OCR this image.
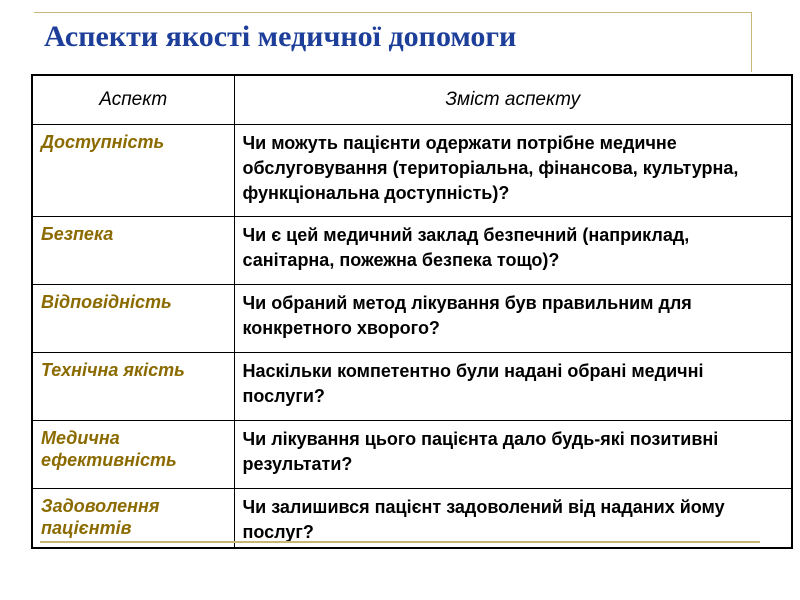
Аспекти якості медичної допомоги
Аспект	Зміст аспекту
Доступність	Чи можуть пацієнти одержати потрібне медичне обслуговування (територіальна, фінансова, культурна, функціональна доступність)?
Безпека	Чи є цей медичний заклад безпечний (наприклад, санітарна, пожежна безпека тощо)?
Відповідність	Чи обраний метод лікування був правильним для конкретного хворого?
Технічна якість	Наскільки компетентно були надані обрані медичні послуги?
Медична ефективність	Чи лікування цього пацієнта дало будь-які позитивні результати?
Задоволення пацієнтів	Чи залишився пацієнт задоволений від наданих йому послуг?
